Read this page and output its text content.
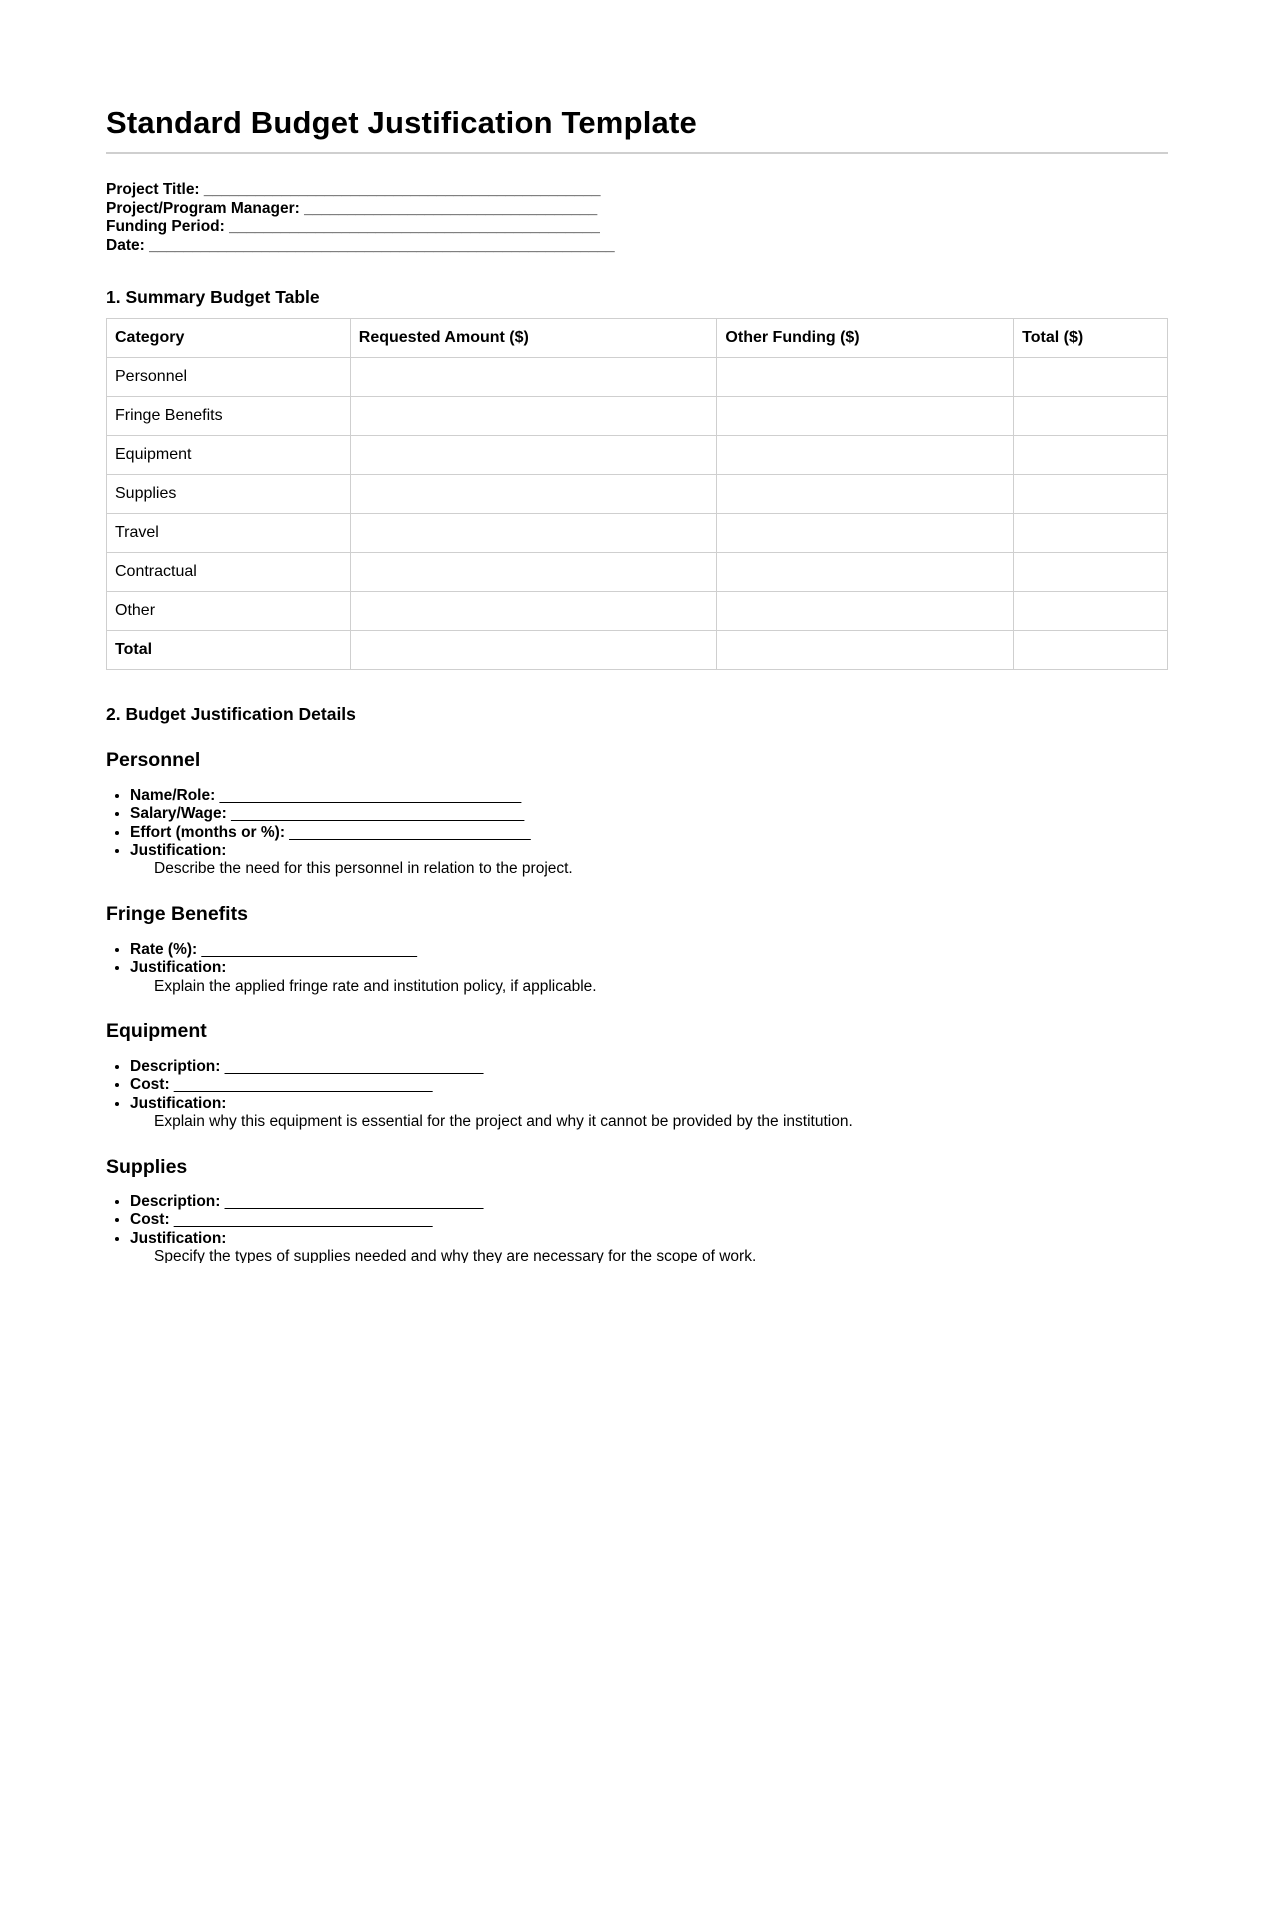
Standard Budget Justification Template
Project Title: ______________________________________________
Project/Program Manager: __________________________________
Funding Period: ___________________________________________
Date: ______________________________________________________
1. Summary Budget Table
Category	Requested Amount ($)	Other Funding ($)	Total ($)
Personnel			
Fringe Benefits			
Equipment			
Supplies			
Travel			
Contractual			
Other			
Total			
2. Budget Justification Details
Personnel
• Name/Role: ___________________________________
• Salary/Wage: __________________________________
• Effort (months or %): ____________________________
• Justification:
Describe the need for this personnel in relation to the project.
Fringe Benefits
• Rate (%): _________________________
• Justification:
Explain the applied fringe rate and institution policy, if applicable.
Equipment
• Description: ______________________________
• Cost: ______________________________
• Justification:
Explain why this equipment is essential for the project and why it cannot be provided by the institution.
Supplies
• Description: ______________________________
• Cost: ______________________________
• Justification:
Specify the types of supplies needed and why they are necessary for the scope of work.
